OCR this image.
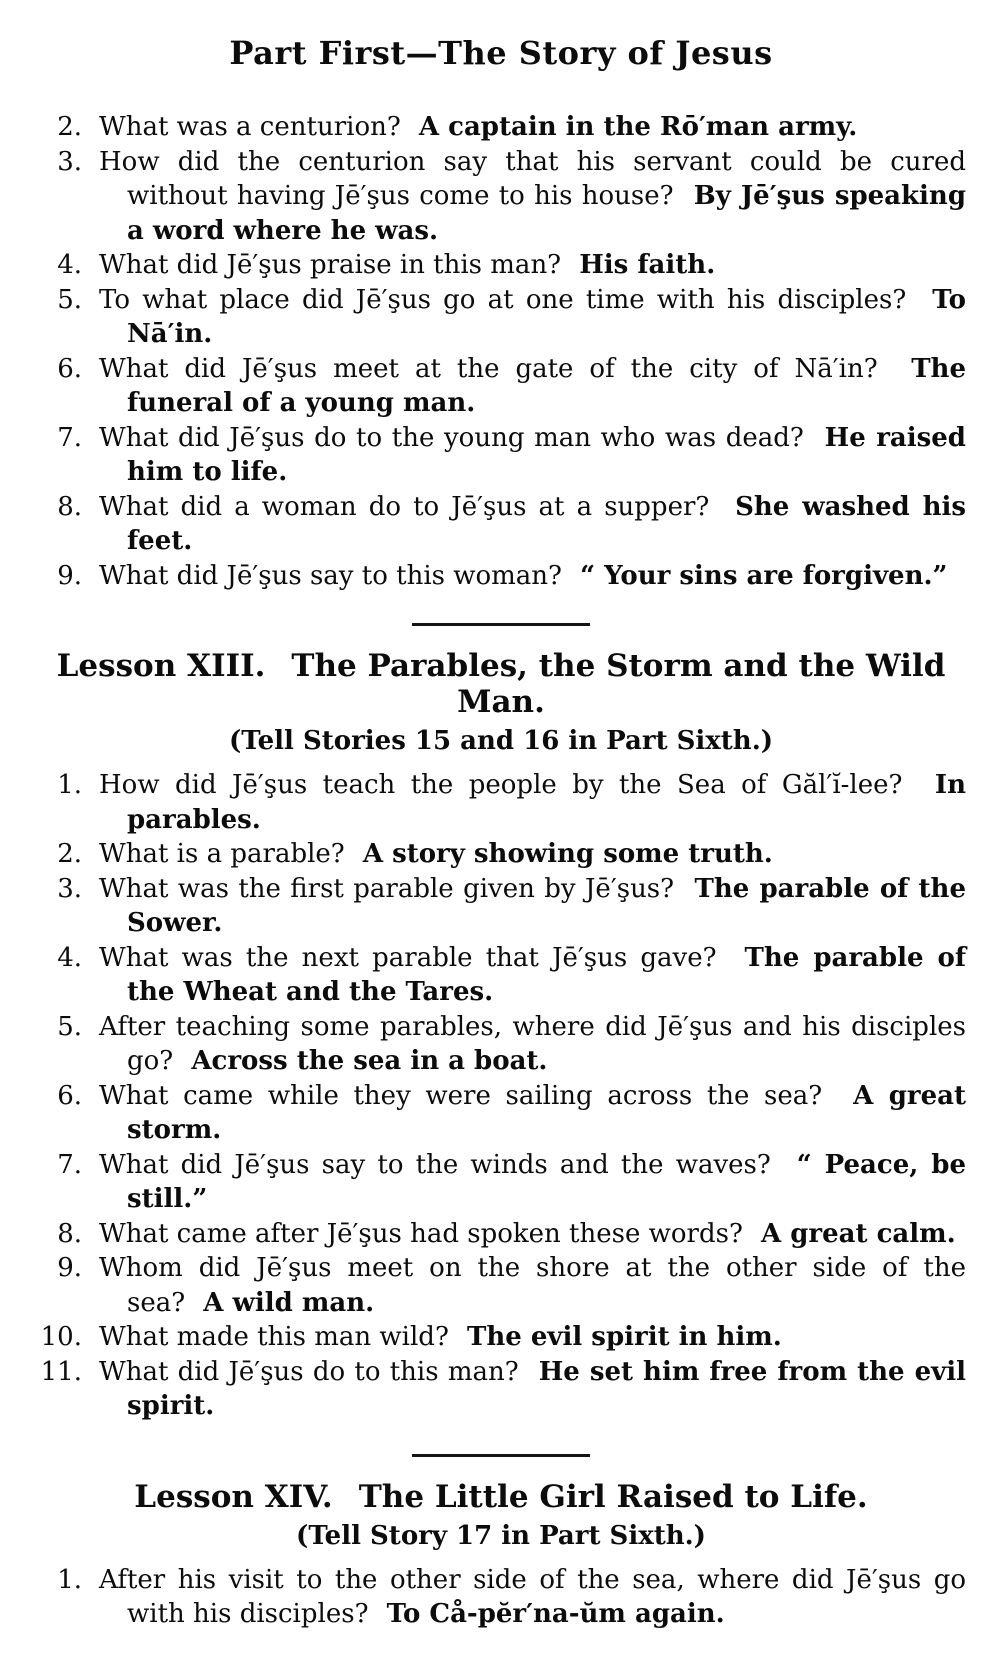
Part First—The Story of Jesus
2. What was a centurion? A captain in the Rō′man army.
3. How did the centurion say that his servant could be cured without having Jē′şus come to his house? By Jē′şus speaking a word where he was.
4. What did Jē′şus praise in this man? His faith.
5. To what place did Jē′şus go at one time with his disciples? To Nā′in.
6. What did Jē′şus meet at the gate of the city of Nā′in? The funeral of a young man.
7. What did Jē′şus do to the young man who was dead? He raised him to life.
8. What did a woman do to Jē′şus at a supper? She washed his feet.
9. What did Jē′şus say to this woman? “ Your sins are forgiven.”
Lesson XIII. The Parables, the Storm and the Wild Man.
(Tell Stories 15 and 16 in Part Sixth.)
1. How did Jē′şus teach the people by the Sea of Găl′ĭ-lee? In parables.
2. What is a parable? A story showing some truth.
3. What was the first parable given by Jē′şus? The parable of the Sower.
4. What was the next parable that Jē′şus gave? The parable of the Wheat and the Tares.
5. After teaching some parables, where did Jē′şus and his disciples go? Across the sea in a boat.
6. What came while they were sailing across the sea? A great storm.
7. What did Jē′şus say to the winds and the waves? “ Peace, be still.”
8. What came after Jē′şus had spoken these words? A great calm.
9. Whom did Jē′şus meet on the shore at the other side of the sea? A wild man.
10. What made this man wild? The evil spirit in him.
11. What did Jē′şus do to this man? He set him free from the evil spirit.
Lesson XIV. The Little Girl Raised to Life.
(Tell Story 17 in Part Sixth.)
1. After his visit to the other side of the sea, where did Jē′şus go with his disciples? To Cå-pĕr′na-ŭm again.
